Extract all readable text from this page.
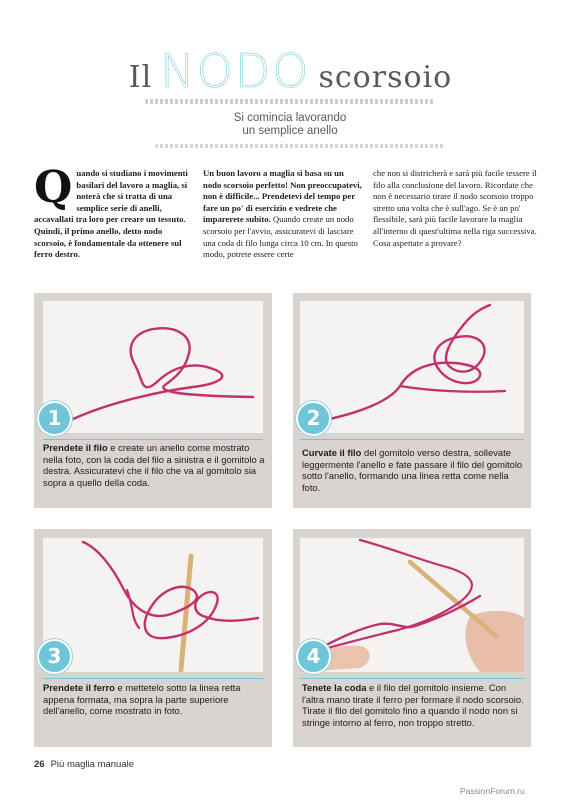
Il NODO scorsoio
Si comincia lavorando
un semplice anello
Quando si studiano i movimenti basilari del lavoro a maglia, si noterà che si tratta di una semplice serie di anelli, accavallati tra loro per creare un tessuto. Quindi, il primo anello, detto nodo scorsoio, è fondamentale da ottenere sul ferro destro.
Un buon lavoro a maglia si basa su un nodo scorsoio perfetto! Non preoccupatevi, non è difficile... Prendetevi del tempo per fare un po' di esercizio e vedrete che imparerete subito. Quando create un nodo scorsoio per l'avvio, assicuratevi di lasciare una coda di filo lunga circa 10 cm. In questo modo, potrete essere certe
che non si districherà e sarà più facile tessere il filo alla conclusione del lavoro. Ricordate che non è necessario tirare il nodo scorsoio troppo stretto una volta che è sull'ago. Se è un po' flessibile, sarà più facile lavorare la maglia all'interno di quest'ultima nella riga successiva. Cosa aspettate a provare?
1
Prendete il filo e create un anello come mostrato nella foto, con la coda del filo a sinistra e il gomitolo a destra. Assicuratevi che il filo che va al gomitolo sia sopra a quello della coda.
2
Curvate il filo del gomitolo verso destra, sollevate leggermente l'anello e fate passare il filo del gomitolo sotto l'anello, formando una linea retta come nella foto.
3
Prendete il ferro e mettetelo sotto la linea retta appena formata, ma sopra la parte superiore dell'anello, come mostrato in foto.
4
Tenete la coda e il filo del gomitolo insieme. Con l'altra mano tirate il ferro per formare il nodo scorsoio. Tirate il filo del gomitolo fino a quando il nodo non si stringe intorno al ferro, non troppo stretto.
26 Più maglia manuale
PassionForum.ru
